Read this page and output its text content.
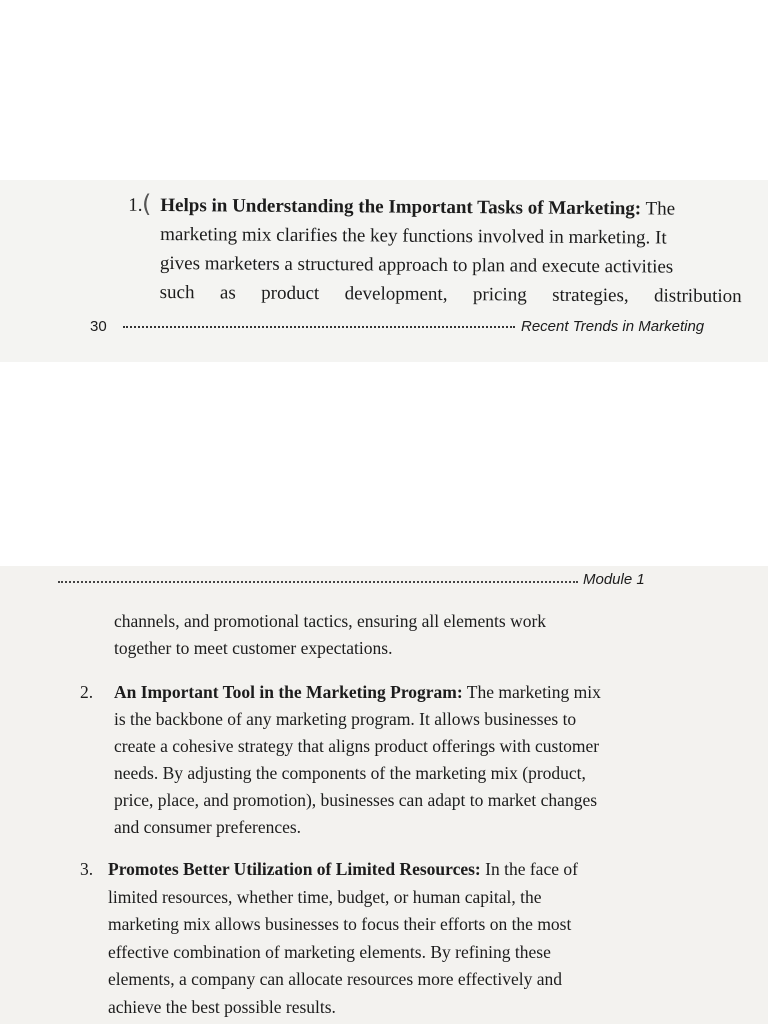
1. Helps in Understanding the Important Tasks of Marketing: The
marketing mix clarifies the key functions involved in marketing. It
gives marketers a structured approach to plan and execute activities
such as product development, pricing strategies, distribution
(
30	Recent Trends in Marketing
Module 1
channels, and promotional tactics, ensuring all elements work
together to meet customer expectations.
2. An Important Tool in the Marketing Program: The marketing mix
is the backbone of any marketing program. It allows businesses to
create a cohesive strategy that aligns product offerings with customer
needs. By adjusting the components of the marketing mix (product,
price, place, and promotion), businesses can adapt to market changes
and consumer preferences.
3. Promotes Better Utilization of Limited Resources: In the face of
limited resources, whether time, budget, or human capital, the
marketing mix allows businesses to focus their efforts on the most
effective combination of marketing elements. By refining these
elements, a company can allocate resources more effectively and
achieve the best possible results.
